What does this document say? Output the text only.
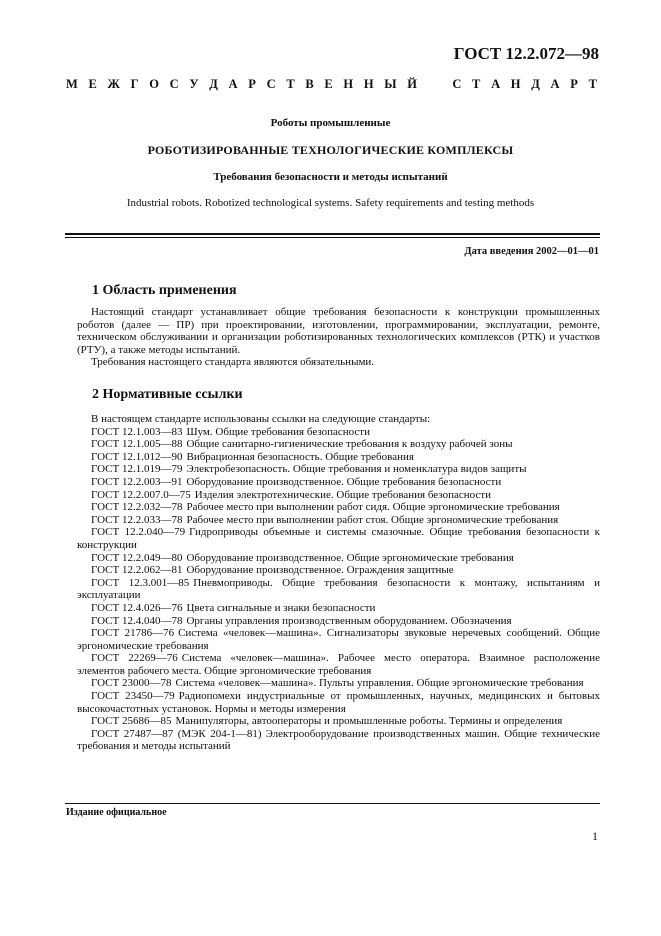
ГОСТ 12.2.072—98
М Е Ж Г О С У Д А Р С Т В Е Н Н Ы Й	С Т А Н Д А Р Т
Роботы промышленные
РОБОТИЗИРОВАННЫЕ ТЕХНОЛОГИЧЕСКИЕ КОМПЛЕКСЫ
Требования безопасности и методы испытаний
Industrial robots. Robotized technological systems. Safety requirements and testing methods
Дата введения 2002—01—01
1 Область применения

Настоящий стандарт устанавливает общие требования безопасности к конструкции промышленных роботов (далее — ПР) при проектировании, изготовлении, программировании, эксплуатации, ремонте, техническом обслуживании и организации роботизированных технологических комплексов (РТК) и участков (РТУ), а также методы испытаний.

Требования настоящего стандарта являются обязательными.

2 Нормативные ссылки

В настоящем стандарте использованы ссылки на следующие стандарты:

ГОСТ 12.1.003—83 Шум. Общие требования безопасности

ГОСТ 12.1.005—88 Общие санитарно-гигиенические требования к воздуху рабочей зоны

ГОСТ 12.1.012—90 Вибрационная безопасность. Общие требования

ГОСТ 12.1.019—79 Электробезопасность. Общие требования и номенклатура видов защиты

ГОСТ 12.2.003—91 Оборудование производственное. Общие требования безопасности

ГОСТ 12.2.007.0—75 Изделия электротехнические. Общие требования безопасности

ГОСТ 12.2.032—78 Рабочее место при выполнении работ сидя. Общие эргономические требования

ГОСТ 12.2.033—78 Рабочее место при выполнении работ стоя. Общие эргономические требования

ГОСТ 12.2.040—79 Гидроприводы объемные и системы смазочные. Общие требования безопасности к конструкции

ГОСТ 12.2.049—80 Оборудование производственное. Общие эргономические требования

ГОСТ 12.2.062—81 Оборудование производственное. Ограждения защитные

ГОСТ 12.3.001—85 Пневмоприводы. Общие требования безопасности к монтажу, испытаниям и эксплуатации

ГОСТ 12.4.026—76 Цвета сигнальные и знаки безопасности

ГОСТ 12.4.040—78 Органы управления производственным оборудованием. Обозначения

ГОСТ 21786—76 Система «человек—машина». Сигнализаторы звуковые неречевых сообщений. Общие эргономические требования

ГОСТ 22269—76 Система «человек—машина». Рабочее место оператора. Взаимное расположение элементов рабочего места. Общие эргономические требования

ГОСТ 23000—78 Система «человек—машина». Пульты управления. Общие эргономические требования

ГОСТ 23450—79 Радиопомехи индустриальные от промышленных, научных, медицинских и бытовых высокочастотных установок. Нормы и методы измерения

ГОСТ 25686—85 Манипуляторы, автооператоры и промышленные роботы. Термины и определения

ГОСТ 27487—87 (МЭК 204-1—81) Электрооборудование производственных машин. Общие технические требования и методы испытаний

Издание официальное
1
